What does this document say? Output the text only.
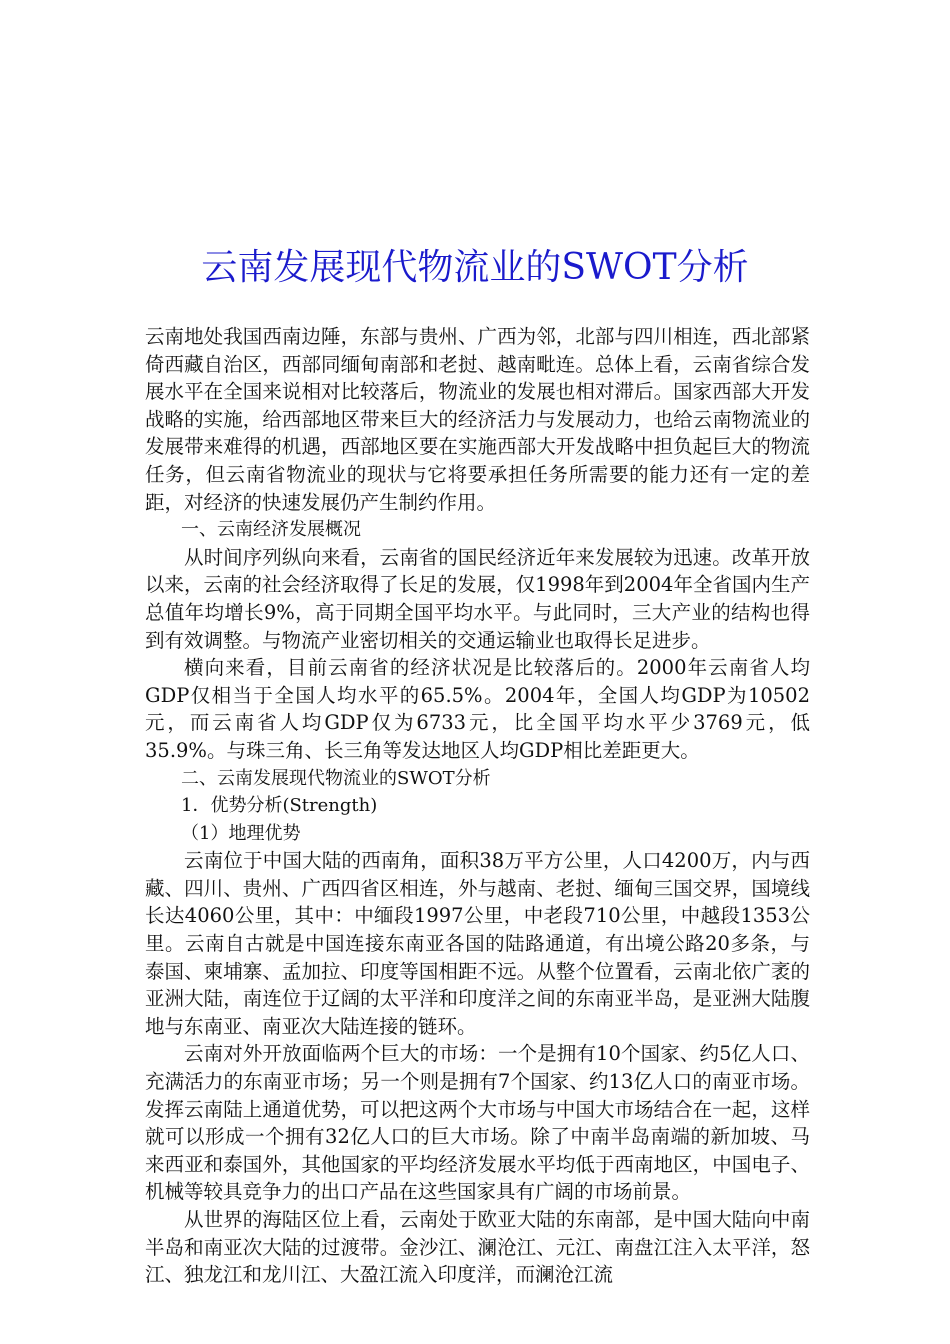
云南发展现代物流业的SWOT分析

云南地处我国西南边陲，东部与贵州、广西为邻，北部与四川相连，西北部紧倚西藏自治区，西部同缅甸南部和老挝、越南毗连。总体上看，云南省综合发展水平在全国来说相对比较落后，物流业的发展也相对滞后。国家西部大开发战略的实施，给西部地区带来巨大的经济活力与发展动力，也给云南物流业的发展带来难得的机遇，西部地区要在实施西部大开发战略中担负起巨大的物流任务，但云南省物流业的现状与它将要承担任务所需要的能力还有一定的差距，对经济的快速发展仍产生制约作用。

一、云南经济发展概况

从时间序列纵向来看，云南省的国民经济近年来发展较为迅速。改革开放以来，云南的社会经济取得了长足的发展，仅1998年到2004年全省国内生产总值年均增长9%，高于同期全国平均水平。与此同时，三大产业的结构也得到有效调整。与物流产业密切相关的交通运输业也取得长足进步。

横向来看，目前云南省的经济状况是比较落后的。2000年云南省人均GDP仅相当于全国人均水平的65.5%。2004年，全国人均GDP为10502元，而云南省人均GDP仅为6733元，比全国平均水平少3769元，低35.9%。与珠三角、长三角等发达地区人均GDP相比差距更大。

二、云南发展现代物流业的SWOT分析

1．优势分析(Strength)

（1）地理优势

云南位于中国大陆的西南角，面积38万平方公里，人口4200万，内与西藏、四川、贵州、广西四省区相连，外与越南、老挝、缅甸三国交界，国境线长达4060公里，其中：中缅段1997公里，中老段710公里，中越段1353公里。云南自古就是中国连接东南亚各国的陆路通道，有出境公路20多条，与泰国、柬埔寨、孟加拉、印度等国相距不远。从整个位置看，云南北依广袤的亚洲大陆，南连位于辽阔的太平洋和印度洋之间的东南亚半岛，是亚洲大陆腹地与东南亚、南亚次大陆连接的链环。

云南对外开放面临两个巨大的市场：一个是拥有10个国家、约5亿人口、充满活力的东南亚市场；另一个则是拥有7个国家、约13亿人口的南亚市场。发挥云南陆上通道优势，可以把这两个大市场与中国大市场结合在一起，这样就可以形成一个拥有32亿人口的巨大市场。除了中南半岛南端的新加坡、马来西亚和泰国外，其他国家的平均经济发展水平均低于西南地区，中国电子、机械等较具竞争力的出口产品在这些国家具有广阔的市场前景。

从世界的海陆区位上看，云南处于欧亚大陆的东南部，是中国大陆向中南半岛和南亚次大陆的过渡带。金沙江、澜沧江、元江、南盘江注入太平洋，怒江、独龙江和龙川江、大盈江流入印度洋，而澜沧江流
